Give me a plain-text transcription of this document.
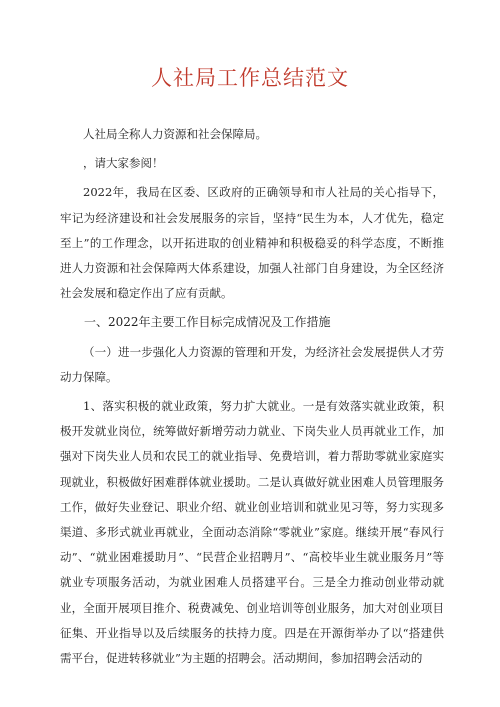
人社局工作总结范文

人社局全称人力资源和社会保障局。

，请大家参阅！

2022年，我局在区委、区政府的正确领导和市人社局的关心指导下，牢记为经济建设和社会发展服务的宗旨，坚持“民生为本，人才优先，稳定至上”的工作理念，以开拓进取的创业精神和积极稳妥的科学态度，不断推进人力资源和社会保障两大体系建设，加强人社部门自身建设，为全区经济社会发展和稳定作出了应有贡献。

一、2022年主要工作目标完成情况及工作措施

（一）进一步强化人力资源的管理和开发，为经济社会发展提供人才劳动力保障。

1、落实积极的就业政策，努力扩大就业。一是有效落实就业政策，积极开发就业岗位，统筹做好新增劳动力就业、下岗失业人员再就业工作，加强对下岗失业人员和农民工的就业指导、免费培训，着力帮助零就业家庭实现就业，积极做好困难群体就业援助。二是认真做好就业困难人员管理服务工作，做好失业登记、职业介绍、就业创业培训和就业见习等，努力实现多渠道、多形式就业再就业，全面动态消除“零就业”家庭。继续开展“春风行动”、“就业困难援助月”、“民营企业招聘月”、“高校毕业生就业服务月”等就业专项服务活动，为就业困难人员搭建平台。三是全力推动创业带动就业，全面开展项目推介、税费减免、创业培训等创业服务，加大对创业项目征集、开业指导以及后续服务的扶持力度。四是在开源街举办了以“搭建供需平台，促进转移就业”为主题的招聘会。活动期间，参加招聘会活动的
